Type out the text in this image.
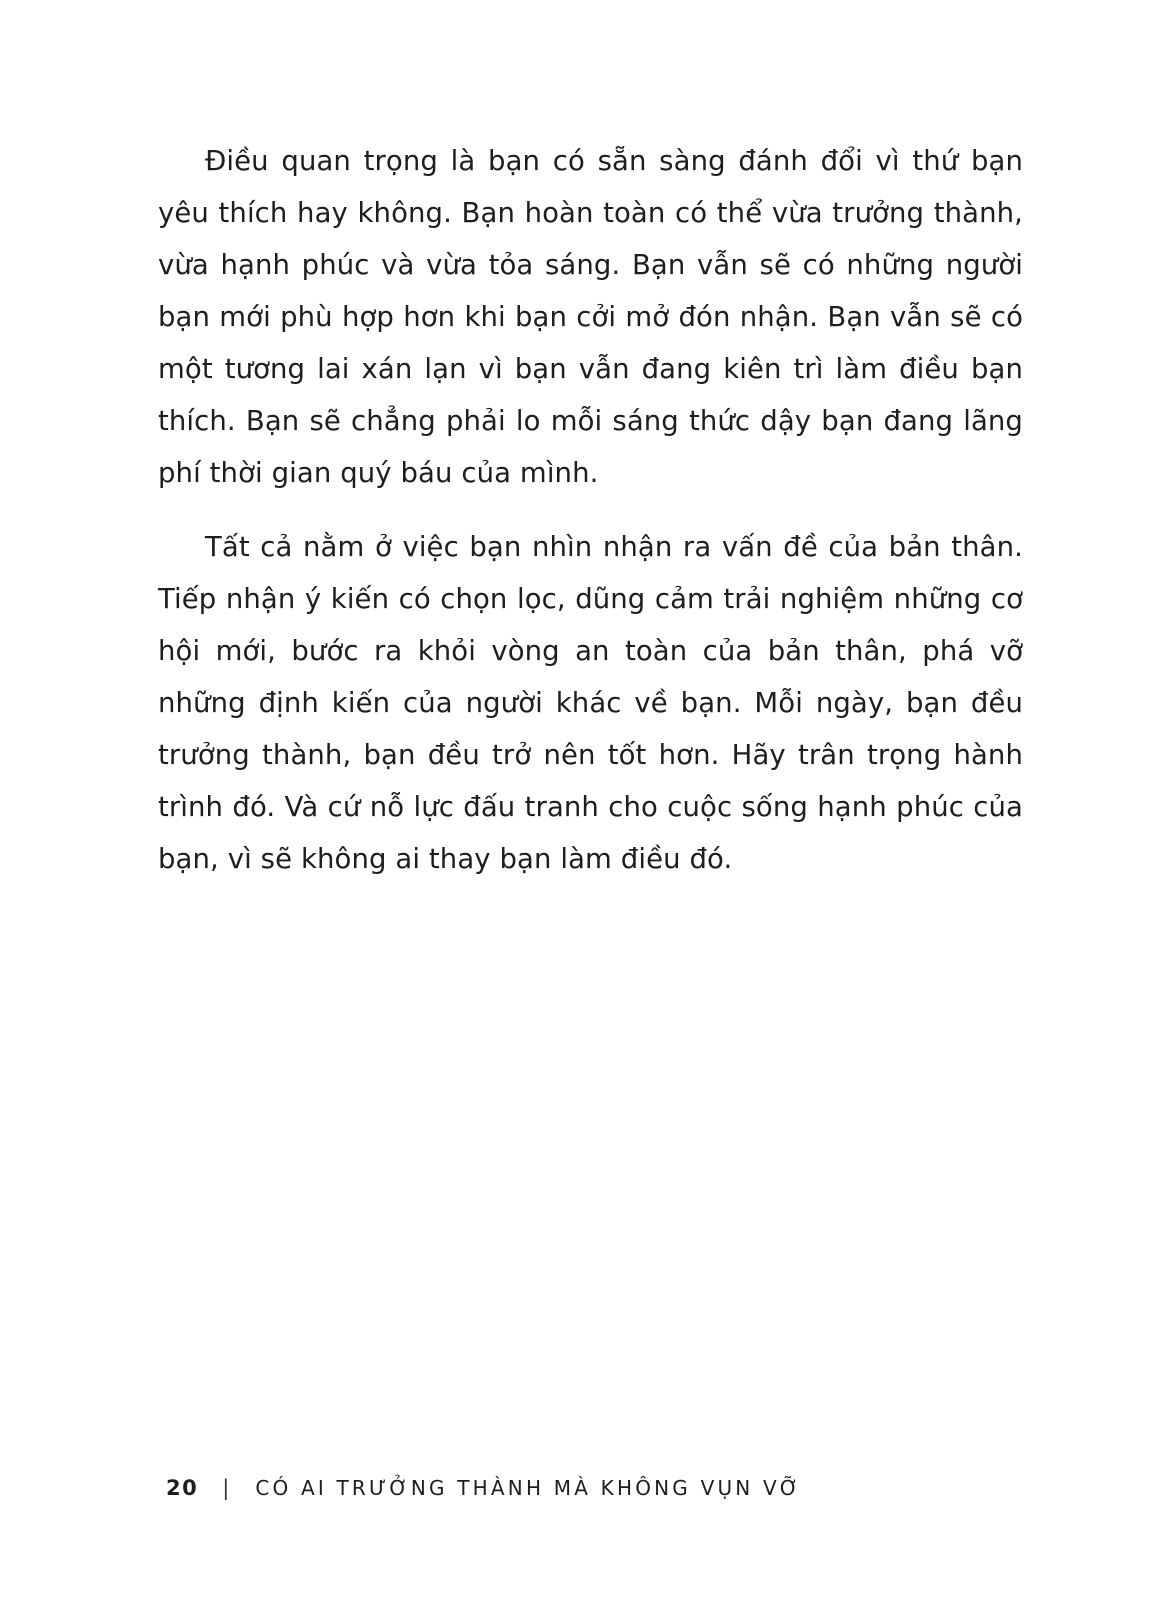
Điều quan trọng là bạn có sẵn sàng đánh đổi vì thứ bạn yêu thích hay không. Bạn hoàn toàn có thể vừa trưởng thành, vừa hạnh phúc và vừa tỏa sáng. Bạn vẫn sẽ có những người bạn mới phù hợp hơn khi bạn cởi mở đón nhận. Bạn vẫn sẽ có một tương lai xán lạn vì bạn vẫn đang kiên trì làm điều bạn thích. Bạn sẽ chẳng phải lo mỗi sáng thức dậy bạn đang lãng phí thời gian quý báu của mình.

Tất cả nằm ở việc bạn nhìn nhận ra vấn đề của bản thân. Tiếp nhận ý kiến có chọn lọc, dũng cảm trải nghiệm những cơ hội mới, bước ra khỏi vòng an toàn của bản thân, phá vỡ những định kiến của người khác về bạn. Mỗi ngày, bạn đều trưởng thành, bạn đều trở nên tốt hơn. Hãy trân trọng hành trình đó. Và cứ nỗ lực đấu tranh cho cuộc sống hạnh phúc của bạn, vì sẽ không ai thay bạn làm điều đó.

20 | CÓ AI TRƯỞNG THÀNH MÀ KHÔNG VỤN VỠ
